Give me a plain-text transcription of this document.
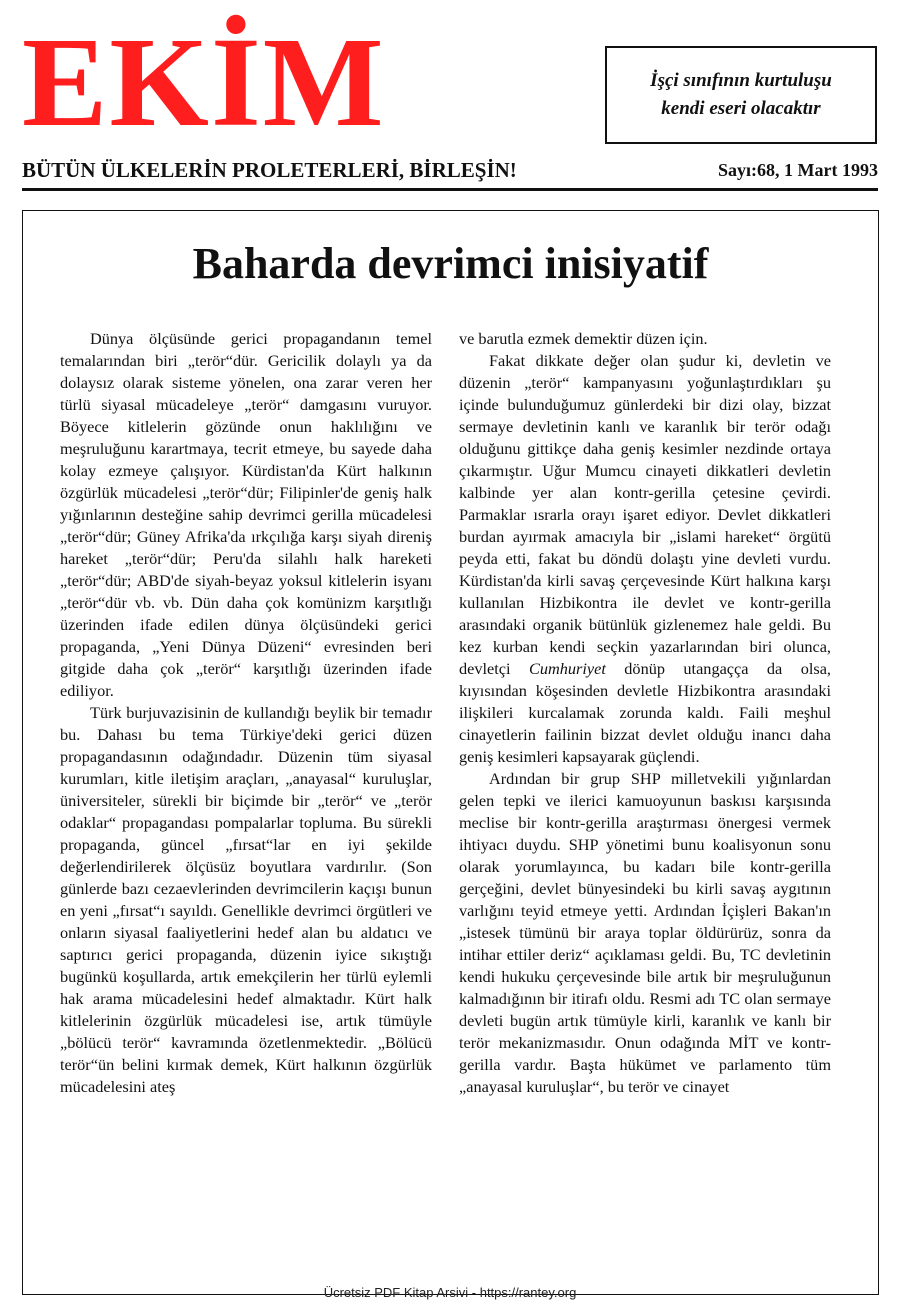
EKİM	İşçi sınıfının kurtuluşu
kendi eseri olacaktır
BÜTÜN ÜLKELERİN PROLETERLERİ, BİRLEŞİN!	Sayı:68, 1 Mart 1993
Baharda devrimci inisiyatif

Dünya ölçüsünde gerici propagandanın temel temalarından biri „terör“dür. Gericilik dolaylı ya da dolaysız olarak sisteme yönelen, ona zarar veren her türlü siyasal mücadeleye „terör“ damgasını vuruyor. Böyece kitlelerin gözünde onun haklılığını ve meşruluğunu karartmaya, tecrit etmeye, bu sayede daha kolay ezmeye çalışıyor. Kürdistan'da Kürt halkının özgürlük mücadelesi „terör“dür; Filipinler'de geniş halk yığınlarının desteğine sahip devrimci gerilla mücadelesi „terör“dür; Güney Afrika'da ırkçılığa karşı siyah direniş hareket „terör“dür; Peru'da silahlı halk hareketi „terör“dür; ABD'de siyah-beyaz yoksul kitlelerin isyanı „terör“dür vb. vb. Dün daha çok komünizm karşıtlığı üzerinden ifade edilen dünya ölçüsündeki gerici propaganda, „Yeni Dünya Düzeni“ evresinden beri gitgide daha çok „terör“ karşıtlığı üzerinden ifade ediliyor.

Türk burjuvazisinin de kullandığı beylik bir temadır bu. Dahası bu tema Türkiye'deki gerici düzen propagandasının odağındadır. Düzenin tüm siyasal kurumları, kitle iletişim araçları, „anayasal“ kuruluşlar, üniversiteler, sürekli bir biçimde bir „terör“ ve „terör odaklar“ propagandası pompalarlar topluma. Bu sürekli propaganda, güncel „fırsat“lar en iyi şekilde değerlendirilerek ölçüsüz boyutlara vardırılır. (Son günlerde bazı cezaevlerinden devrimcilerin kaçışı bunun en yeni „fırsat“ı sayıldı. Genellikle devrimci örgütleri ve onların siyasal faaliyetlerini hedef alan bu aldatıcı ve saptırıcı gerici propaganda, düzenin iyice sıkıştığı bugünkü koşullarda, artık emekçilerin her türlü eylemli hak arama mücadelesini hedef almaktadır. Kürt halk kitlelerinin özgürlük mücadelesi ise, artık tümüyle „bölücü terör“ kavramında özetlenmektedir. „Bölücü terör“ün belini kırmak demek, Kürt halkının özgürlük mücadelesini ateş

ve barutla ezmek demektir düzen için.

Fakat dikkate değer olan şudur ki, devletin ve düzenin „terör“ kampanyasını yoğunlaştırdıkları şu içinde bulunduğumuz günlerdeki bir dizi olay, bizzat sermaye devletinin kanlı ve karanlık bir terör odağı olduğunu gittikçe daha geniş kesimler nezdinde ortaya çıkarmıştır. Uğur Mumcu cinayeti dikkatleri devletin kalbinde yer alan kontr-gerilla çetesine çevirdi. Parmaklar ısrarla orayı işaret ediyor. Devlet dikkatleri burdan ayırmak amacıyla bir „islami hareket“ örgütü peyda etti, fakat bu döndü dolaştı yine devleti vurdu. Kürdistan'da kirli savaş çerçevesinde Kürt halkına karşı kullanılan Hizbikontra ile devlet ve kontr-gerilla arasındaki organik bütünlük gizlenemez hale geldi. Bu kez kurban kendi seçkin yazarlarından biri olunca, devletçi Cumhuriyet dönüp utangaçça da olsa, kıyısından köşesinden devletle Hizbikontra arasındaki ilişkileri kurcalamak zorunda kaldı. Faili meşhul cinayetlerin failinin bizzat devlet olduğu inancı daha geniş kesimleri kapsayarak güçlendi.

Ardından bir grup SHP milletvekili yığınlardan gelen tepki ve ilerici kamuoyunun baskısı karşısında meclise bir kontr-gerilla araştırması önergesi vermek ihtiyacı duydu. SHP yönetimi bunu koalisyonun sonu olarak yorumlayınca, bu kadarı bile kontr-gerilla gerçeğini, devlet bünyesindeki bu kirli savaş aygıtının varlığını teyid etmeye yetti. Ardından İçişleri Bakan'ın „istesek tümünü bir araya toplar öldürürüz, sonra da intihar ettiler deriz“ açıklaması geldi. Bu, TC devletinin kendi hukuku çerçevesinde bile artık bir meşruluğunun kalmadığının bir itirafı oldu. Resmi adı TC olan sermaye devleti bugün artık tümüyle kirli, karanlık ve kanlı bir terör mekanizmasıdır. Onun odağında MİT ve kontr-gerilla vardır. Başta hükümet ve parlamento tüm „anayasal kuruluşlar“, bu terör ve cinayet

Ücretsiz PDF Kitap Arsivi - https://rantey.org
